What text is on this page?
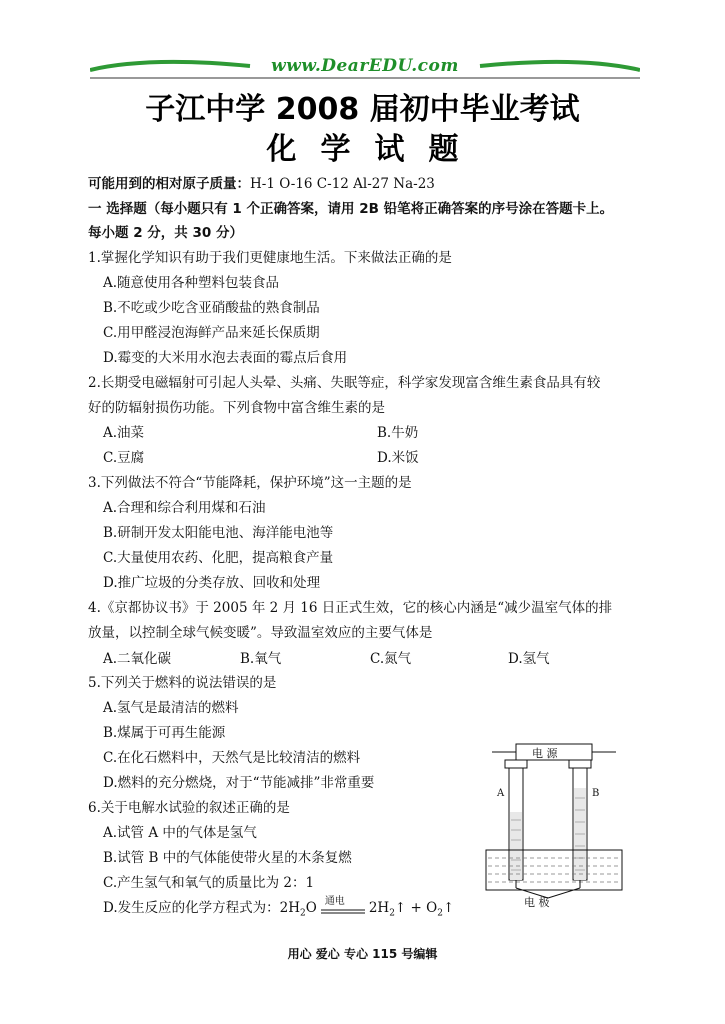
www.DearEDU.com
子江中学 2008 届初中毕业考试
化学试题
可能用到的相对原子质量：H-1 O-16 C-12 Al-27 Na-23
一 选择题（每小题只有 1 个正确答案，请用 2B 铅笔将正确答案的序号涂在答题卡上。
每小题 2 分，共 30 分）
1.掌握化学知识有助于我们更健康地生活。下来做法正确的是
A.随意使用各种塑料包装食品
B.不吃或少吃含亚硝酸盐的熟食制品
C.用甲醛浸泡海鲜产品来延长保质期
D.霉变的大米用水泡去表面的霉点后食用
2.长期受电磁辐射可引起人头晕、头痛、失眠等症，科学家发现富含维生素食品具有较
好的防辐射损伤功能。下列食物中富含维生素的是
A.油菜	B.牛奶
C.豆腐	D.米饭
3.下列做法不符合“节能降耗，保护环境”这一主题的是
A.合理和综合利用煤和石油
B.研制开发太阳能电池、海洋能电池等
C.大量使用农药、化肥，提高粮食产量
D.推广垃圾的分类存放、回收和处理
4.《京都协议书》于 2005 年 2 月 16 日正式生效，它的核心内涵是“减少温室气体的排
放量，以控制全球气候变暖”。导致温室效应的主要气体是
A.二氧化碳	B.氧气	C.氮气	D.氢气
5.下列关于燃料的说法错误的是
A.氢气是最清洁的燃料
B.煤属于可再生能源
C.在化石燃料中，天然气是比较清洁的燃料
D.燃料的充分燃烧，对于“节能减排”非常重要
6.关于电解水试验的叙述正确的是
A.试管 A 中的气体是氢气
B.试管 B 中的气体能使带火星的木条复燃
C.产生氢气和氧气的质量比为 2：1
D.发生反应的化学方程式为：$2H_2O$ 通电 $2H_2↑$ + $O_2↑$
电 源
A	B
电 极
用心 爱心 专心 115 号编辑
